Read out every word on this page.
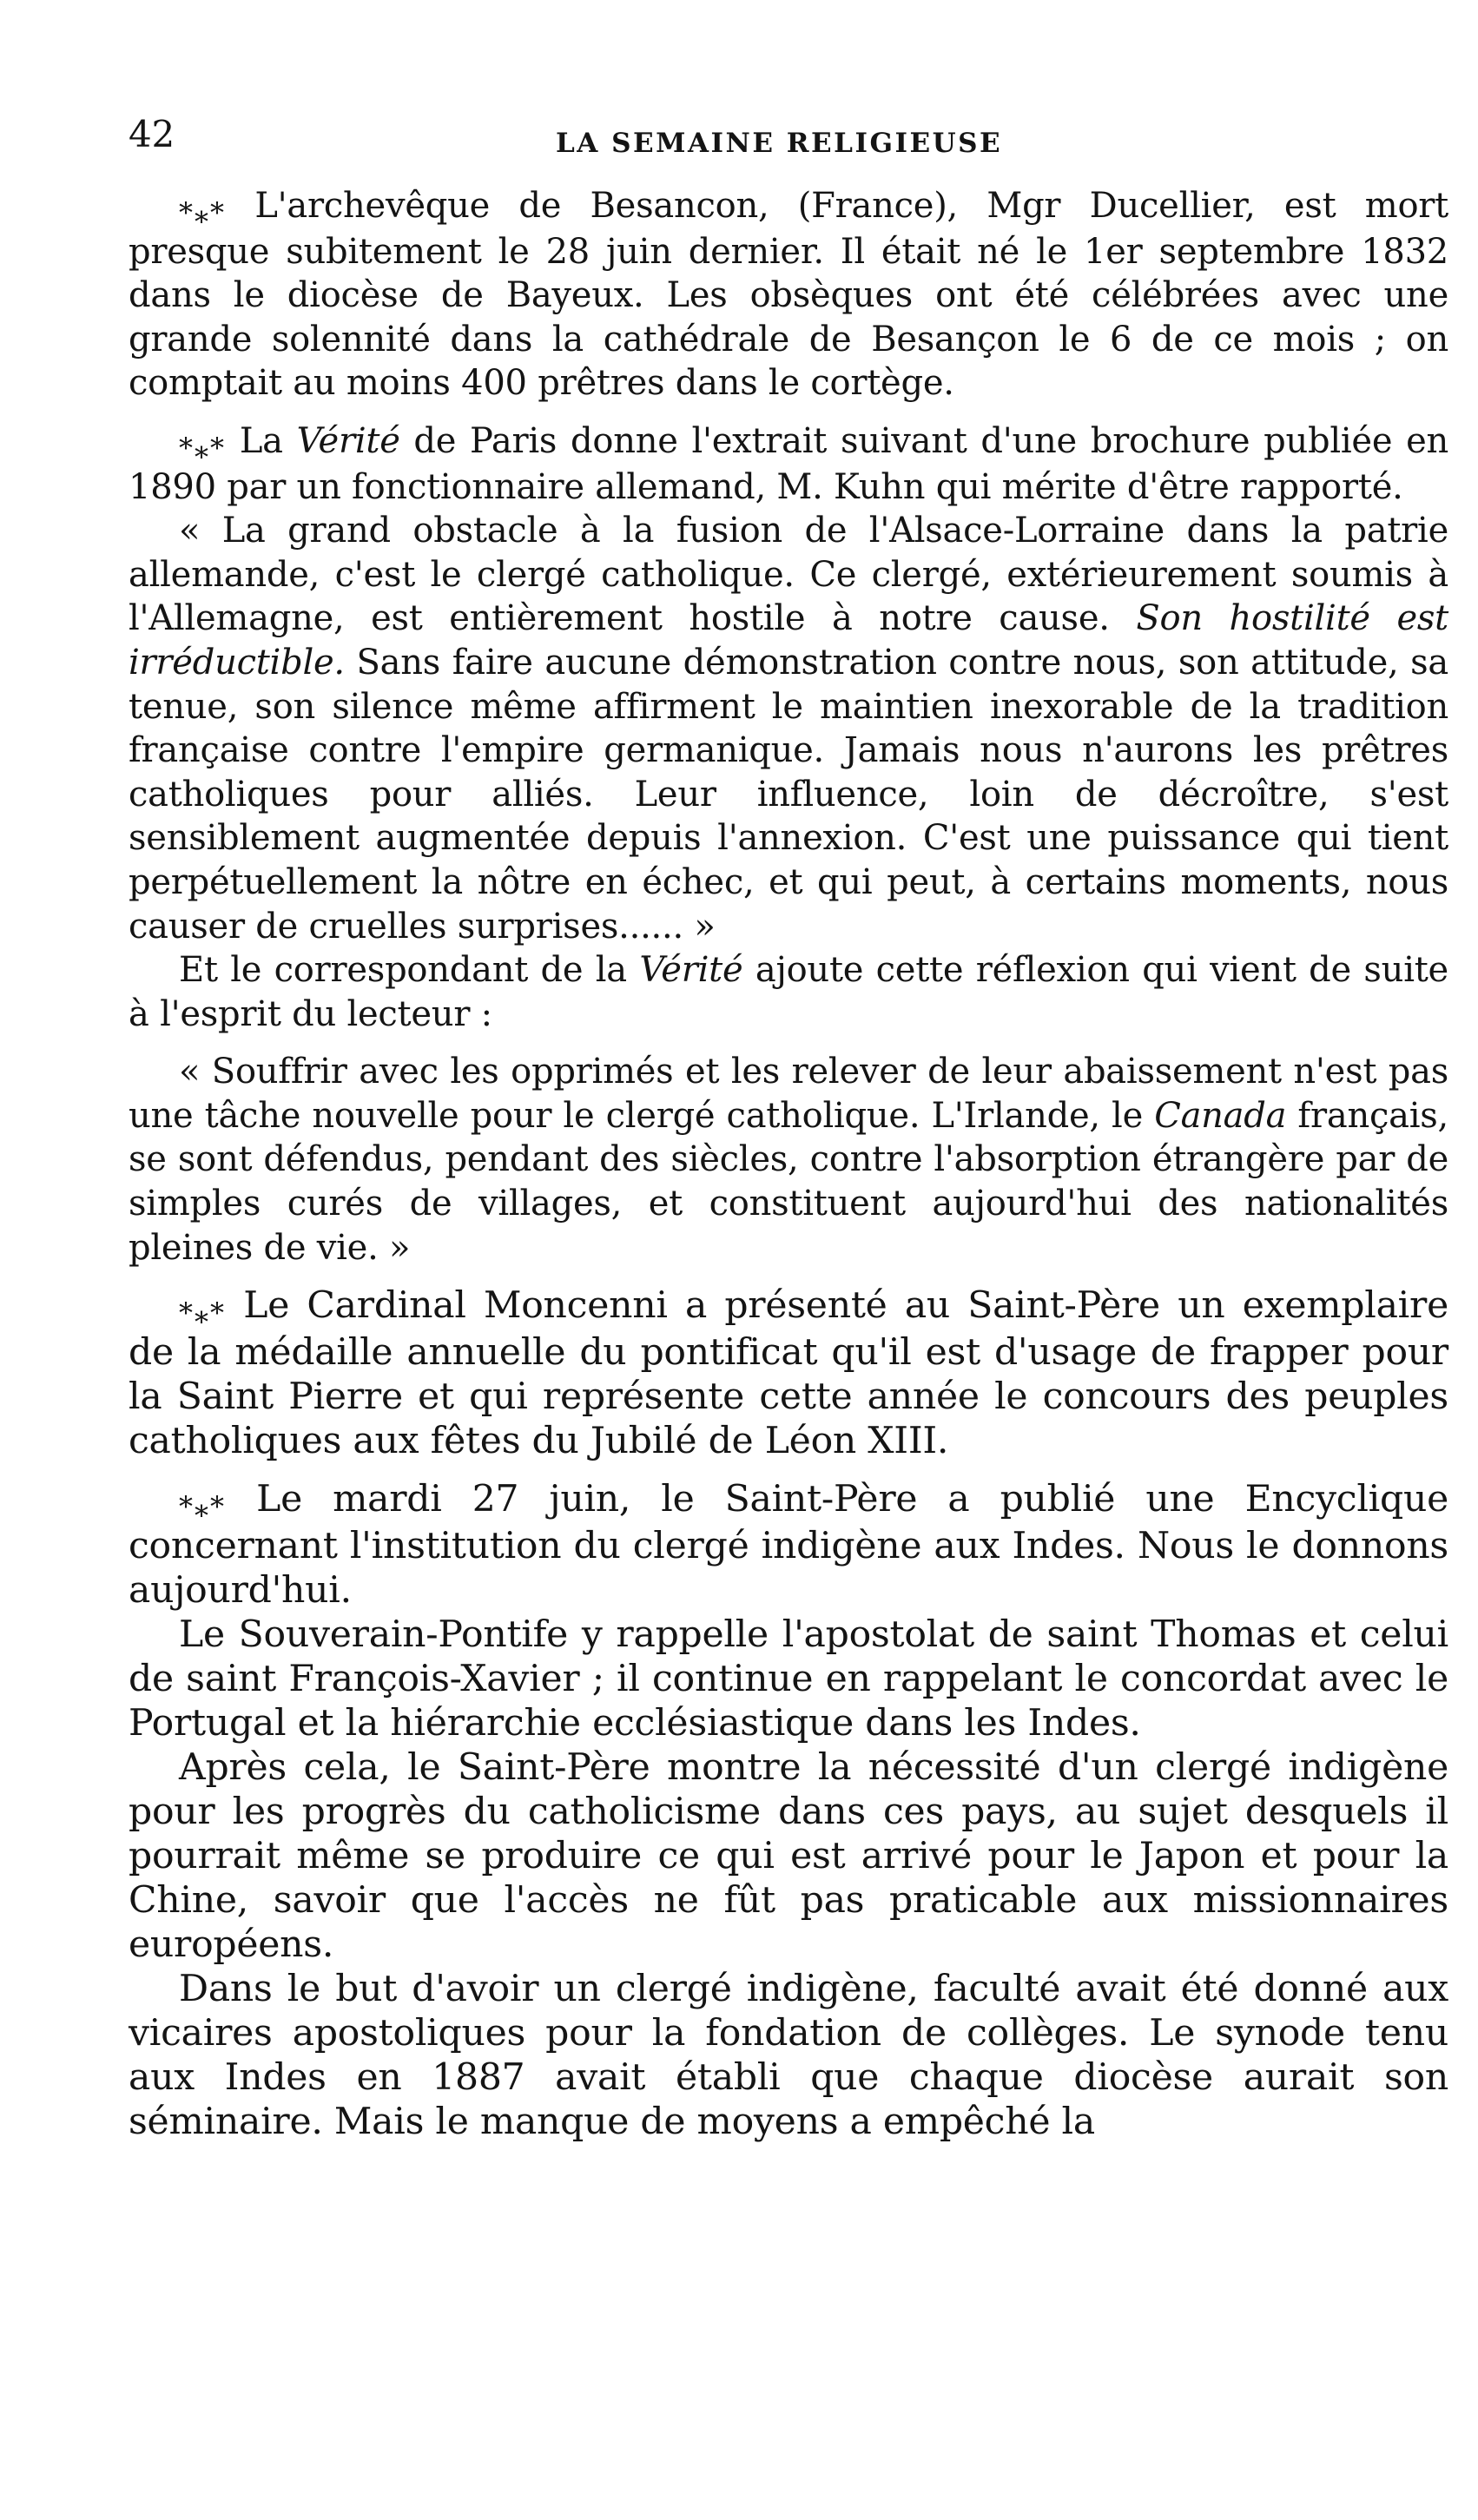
42	LA SEMAINE RELIGIEUSE

*⁎* L'archevêque de Besancon, (France), Mgr Ducellier, est mort presque subitement le 28 juin dernier. Il était né le 1er septembre 1832 dans le diocèse de Bayeux. Les obsèques ont été célébrées avec une grande solennité dans la cathédrale de Besançon le 6 de ce mois ; on comptait au moins 400 prêtres dans le cortège.

*⁎* La Vérité de Paris donne l'extrait suivant d'une brochure publiée en 1890 par un fonctionnaire allemand, M. Kuhn qui mérite d'être rapporté.

« La grand obstacle à la fusion de l'Alsace-Lorraine dans la patrie allemande, c'est le clergé catholique. Ce clergé, extérieurement soumis à l'Allemagne, est entièrement hostile à notre cause. Son hostilité est irréductible. Sans faire aucune démonstration contre nous, son attitude, sa tenue, son silence même affirment le maintien inexorable de la tradition française contre l'empire germanique. Jamais nous n'aurons les prêtres catholiques pour alliés. Leur influence, loin de décroître, s'est sensiblement augmentée depuis l'annexion. C'est une puissance qui tient perpétuellement la nôtre en échec, et qui peut, à certains moments, nous causer de cruelles surprises...... »

Et le correspondant de la Vérité ajoute cette réflexion qui vient de suite à l'esprit du lecteur :

« Souffrir avec les opprimés et les relever de leur abaissement n'est pas une tâche nouvelle pour le clergé catholique. L'Irlande, le Canada français, se sont défendus, pendant des siècles, contre l'absorption étrangère par de simples curés de villages, et constituent aujourd'hui des nationalités pleines de vie. »

*⁎* Le Cardinal Moncenni a présenté au Saint-Père un exemplaire de la médaille annuelle du pontificat qu'il est d'usage de frapper pour la Saint Pierre et qui représente cette année le concours des peuples catholiques aux fêtes du Jubilé de Léon XIII.

*⁎* Le mardi 27 juin, le Saint-Père a publié une Encyclique concernant l'institution du clergé indigène aux Indes. Nous le donnons aujourd'hui.

Le Souverain-Pontife y rappelle l'apostolat de saint Thomas et celui de saint François-Xavier ; il continue en rappelant le concordat avec le Portugal et la hiérarchie ecclésiastique dans les Indes.

Après cela, le Saint-Père montre la nécessité d'un clergé indigène pour les progrès du catholicisme dans ces pays, au sujet desquels il pourrait même se produire ce qui est arrivé pour le Japon et pour la Chine, savoir que l'accès ne fût pas praticable aux missionnaires européens.

Dans le but d'avoir un clergé indigène, faculté avait été donné aux vicaires apostoliques pour la fondation de collèges. Le synode tenu aux Indes en 1887 avait établi que chaque diocèse aurait son séminaire. Mais le manque de moyens a empêché la
